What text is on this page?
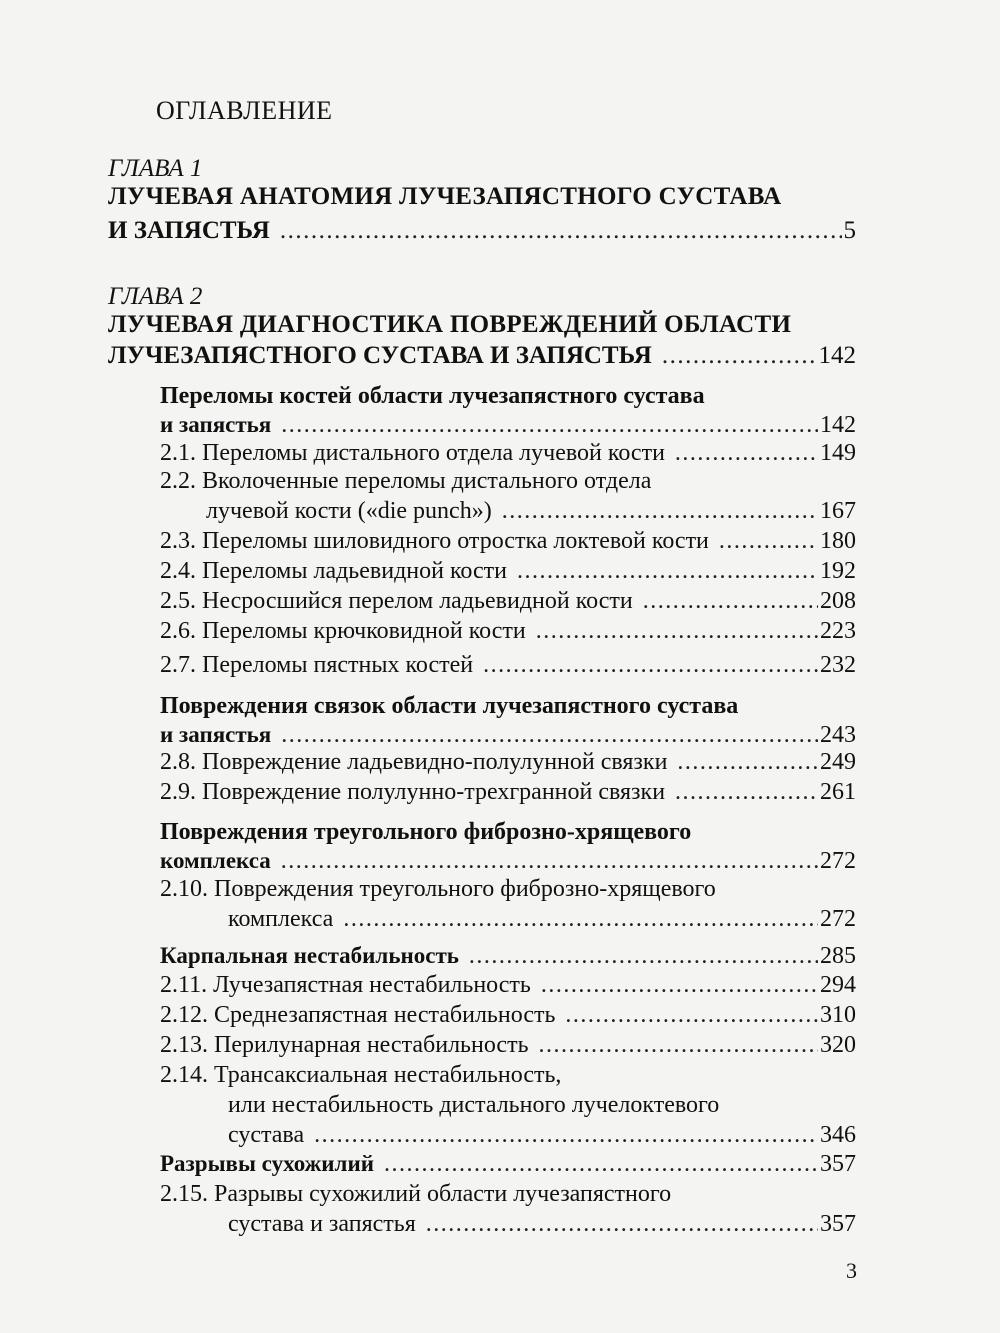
ОГЛАВЛЕНИЕ
ГЛАВА 1
ЛУЧЕВАЯ АНАТОМИЯ ЛУЧЕЗАПЯСТНОГО СУСТАВА
И ЗАПЯСТЬЯ .....	5
ГЛАВА 2
ЛУЧЕВАЯ ДИАГНОСТИКА ПОВРЕЖДЕНИЙ ОБЛАСТИ
ЛУЧЕЗАПЯСТНОГО СУСТАВА И ЗАПЯСТЬЯ .....	142
Переломы костей области лучезапястного сустава
и запястья .....	142
2.1. Переломы дистального отдела лучевой кости .....	149
2.2. Вколоченные переломы дистального отдела
лучевой кости («die punch») .....	167
2.3. Переломы шиловидного отростка локтевой кости .....	180
2.4. Переломы ладьевидной кости .....	192
2.5. Несросшийся перелом ладьевидной кости .....	208
2.6. Переломы крючковидной кости .....	223
2.7. Переломы пястных костей .....	232
Повреждения связок области лучезапястного сустава
и запястья .....	243
2.8. Повреждение ладьевидно-полулунной связки .....	249
2.9. Повреждение полулунно-трехгранной связки .....	261
Повреждения треугольного фиброзно-хрящевого
комплекса .....	272
2.10. Повреждения треугольного фиброзно-хрящевого
комплекса .....	272
Карпальная нестабильность .....	285
2.11. Лучезапястная нестабильность .....	294
2.12. Среднезапястная нестабильность .....	310
2.13. Перилунарная нестабильность .....	320
2.14. Трансаксиальная нестабильность,
или нестабильность дистального лучелоктевого
сустава .....	346
Разрывы сухожилий .....	357
2.15. Разрывы сухожилий области лучезапястного
сустава и запястья .....	357
3
